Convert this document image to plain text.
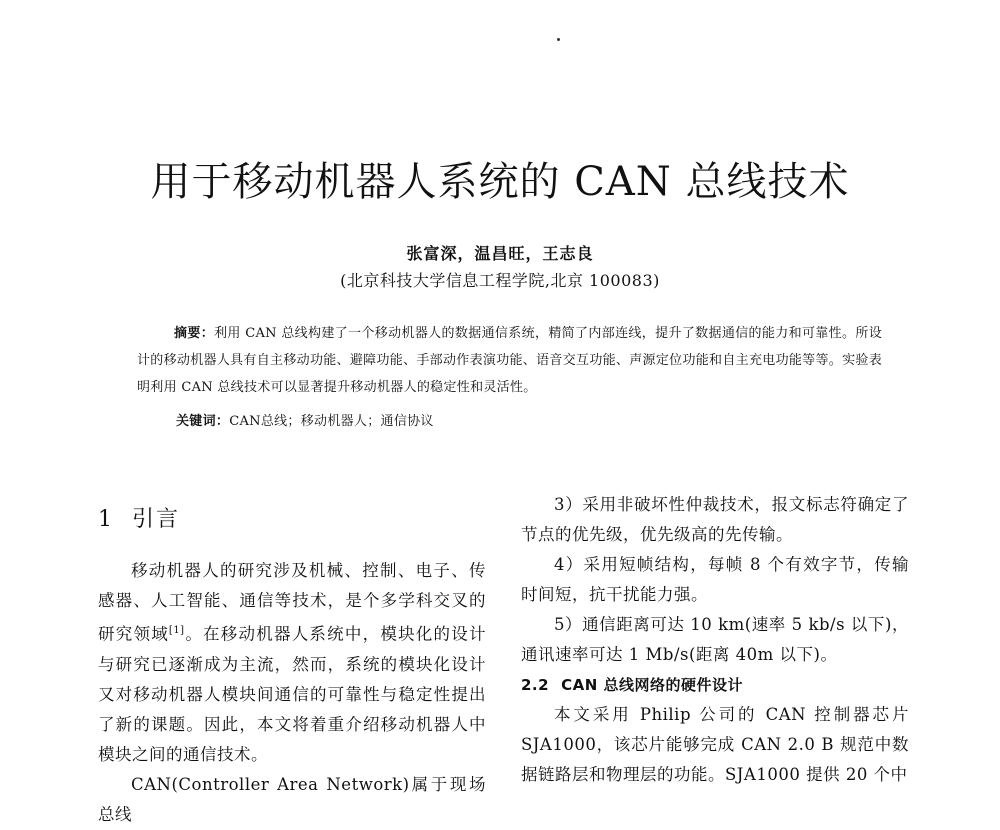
用于移动机器人系统的 CAN 总线技术
张富深，温昌旺，王志良
(北京科技大学信息工程学院,北京 100083)
摘要：利用 CAN 总线构建了一个移动机器人的数据通信系统，精简了内部连线，提升了数据通信的能力和可靠性。所设计的移动机器人具有自主移动功能、避障功能、手部动作表演功能、语音交互功能、声源定位功能和自主充电功能等等。实验表明利用 CAN 总线技术可以显著提升移动机器人的稳定性和灵活性。
关键词：CAN总线；移动机器人；通信协议
1 引言

移动机器人的研究涉及机械、控制、电子、传感器、人工智能、通信等技术，是个多学科交叉的研究领域[1]。在移动机器人系统中，模块化的设计与研究已逐渐成为主流，然而，系统的模块化设计又对移动机器人模块间通信的可靠性与稳定性提出了新的课题。因此，本文将着重介绍移动机器人中模块之间的通信技术。

CAN(Controller Area Network)属于现场总线

3）采用非破坏性仲裁技术，报文标志符确定了节点的优先级，优先级高的先传输。

4）采用短帧结构，每帧 8 个有效字节，传输时间短，抗干扰能力强。

5）通信距离可达 10 km(速率 5 kb/s 以下)，通讯速率可达 1 Mb/s(距离 40m 以下)。

2.2 CAN 总线网络的硬件设计

本文采用 Philip 公司的 CAN 控制器芯片 SJA1000，该芯片能够完成 CAN 2.0 B 规范中数据链路层和物理层的功能。SJA1000 提供 20 个中
